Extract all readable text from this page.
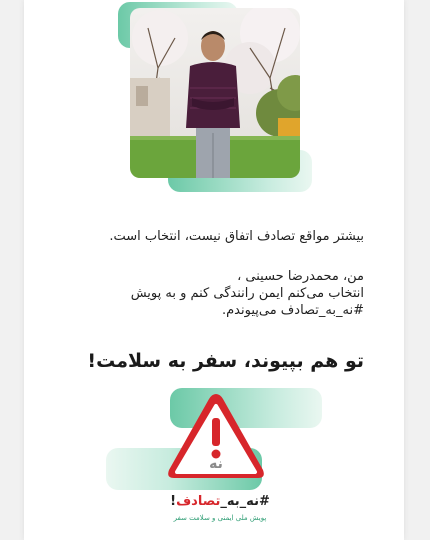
بیشتر مواقع تصادف اتفاق نیست، انتخاب است.
من، محمدرضا حسینی ،
انتخاب می‌کنم ایمن رانندگی کنم و به پویش
#نه_به_تصادف می‌پیوندم.
تو هم بپیوند، سفر به سلامت!
نه
#نه_به_تصادف!
پویش ملی ایمنی و سلامت سفر
